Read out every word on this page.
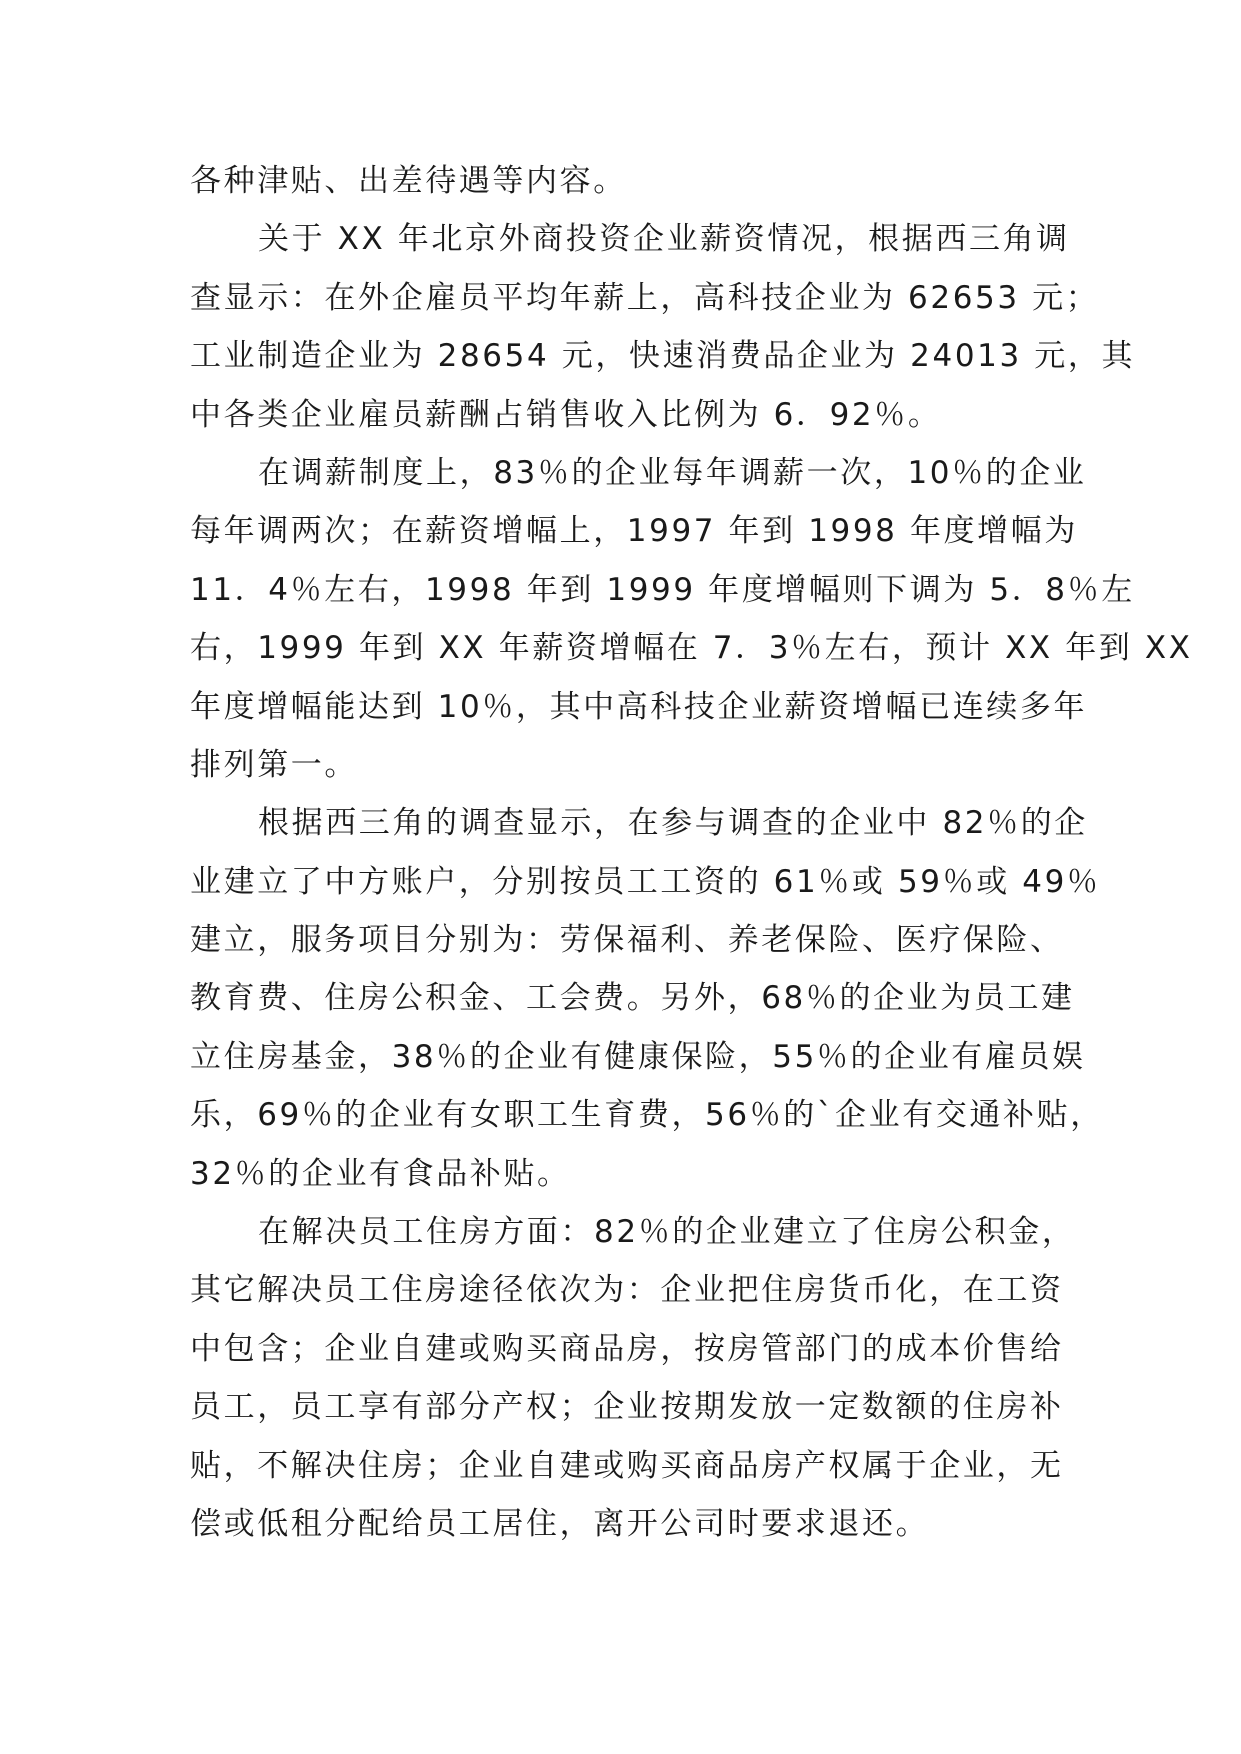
各种津贴、出差待遇等内容。
关于 XX 年北京外商投资企业薪资情况，根据西三角调
查显示：在外企雇员平均年薪上，高科技企业为 62653 元；
工业制造企业为 28654 元，快速消费品企业为 24013 元，其
中各类企业雇员薪酬占销售收入比例为 6．92％。
在调薪制度上，83％的企业每年调薪一次，10％的企业
每年调两次；在薪资增幅上，1997 年到 1998 年度增幅为
11．4％左右，1998 年到 1999 年度增幅则下调为 5．8％左
右，1999 年到 XX 年薪资增幅在 7．3％左右，预计 XX 年到 XX
年度增幅能达到 10％，其中高科技企业薪资增幅已连续多年
排列第一。
根据西三角的调查显示，在参与调查的企业中 82％的企
业建立了中方账户，分别按员工工资的 61％或 59％或 49％
建立，服务项目分别为：劳保福利、养老保险、医疗保险、
教育费、住房公积金、工会费。另外，68％的企业为员工建
立住房基金，38％的企业有健康保险，55％的企业有雇员娱
乐，69％的企业有女职工生育费，56％的`企业有交通补贴，
32％的企业有食品补贴。
在解决员工住房方面：82％的企业建立了住房公积金，
其它解决员工住房途径依次为：企业把住房货币化，在工资
中包含；企业自建或购买商品房，按房管部门的成本价售给
员工，员工享有部分产权；企业按期发放一定数额的住房补
贴，不解决住房；企业自建或购买商品房产权属于企业，无
偿或低租分配给员工居住，离开公司时要求退还。
